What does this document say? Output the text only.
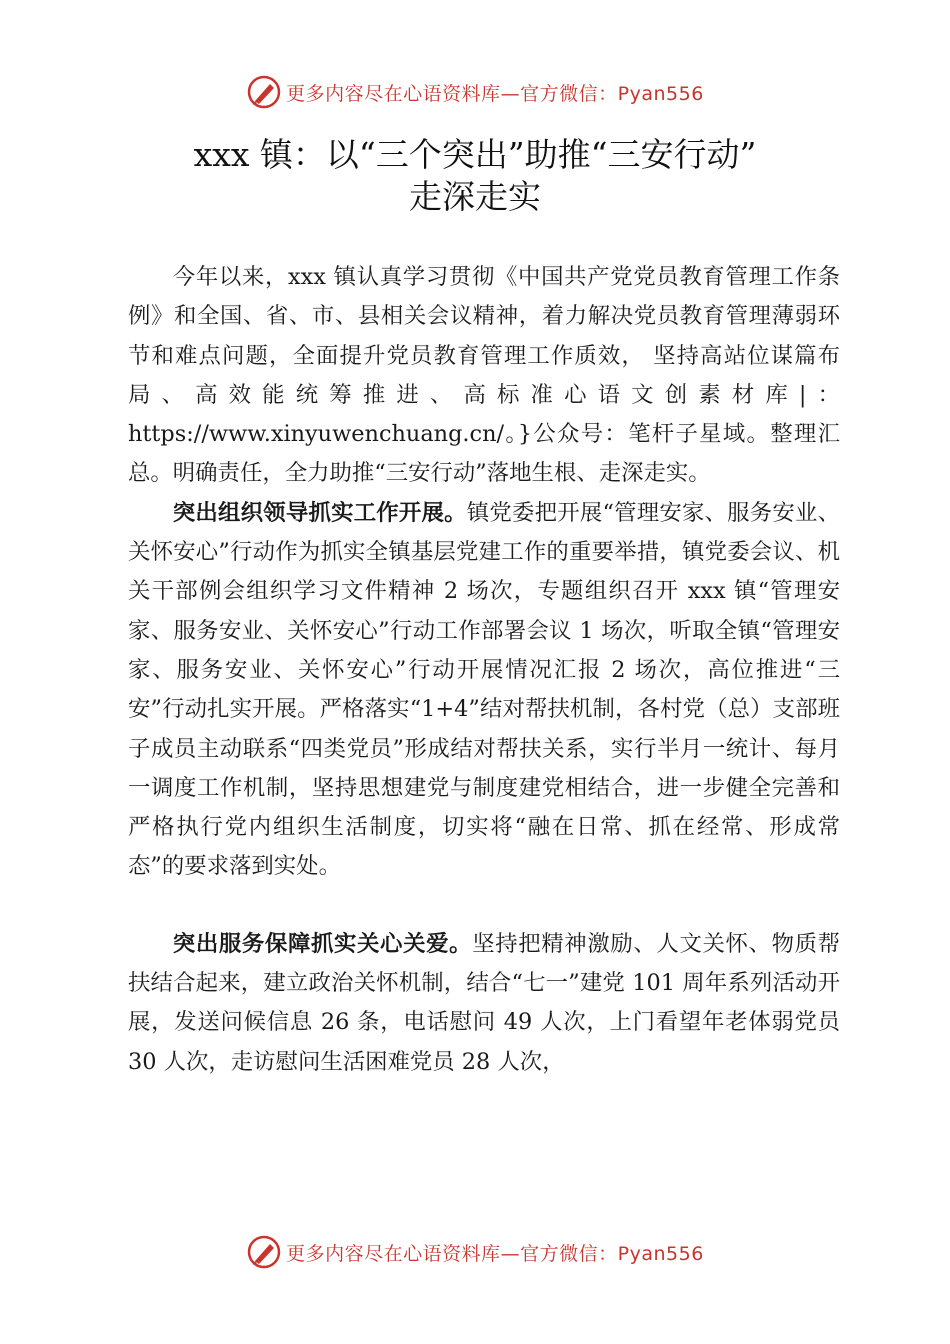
更多内容尽在心语资料库—官方微信：Pyan556
xxx 镇：以“三个突出”助推“三安行动”
走深走实

今年以来，xxx 镇认真学习贯彻《中国共产党党员教育管理工作条例》和全国、省、市、县相关会议精神，着力解决党员教育管理薄弱环节和难点问题，全面提升党员教育管理工作质效， 坚持高站位谋篇布局、高效能统筹推进、高标准心语文创素材库|：https://www.xinyuwenchuang.cn/。}公众号：笔杆子星域。整理汇总。明确责任，全力助推“三安行动”落地生根、走深走实。

突出组织领导抓实工作开展。镇党委把开展“管理安家、服务安业、关怀安心”行动作为抓实全镇基层党建工作的重要举措，镇党委会议、机关干部例会组织学习文件精神 2 场次，专题组织召开 xxx 镇“管理安家、服务安业、关怀安心”行动工作部署会议 1 场次，听取全镇“管理安家、服务安业、关怀安心”行动开展情况汇报 2 场次，高位推进“三安”行动扎实开展。严格落实“1+4”结对帮扶机制，各村党（总）支部班子成员主动联系“四类党员”形成结对帮扶关系，实行半月一统计、每月一调度工作机制，坚持思想建党与制度建党相结合，进一步健全完善和严格执行党内组织生活制度，切实将“融在日常、抓在经常、形成常态”的要求落到实处。

突出服务保障抓实关心关爱。坚持把精神激励、人文关怀、物质帮扶结合起来，建立政治关怀机制，结合“七一”建党 101 周年系列活动开展，发送问候信息 26 条，电话慰问 49 人次，上门看望年老体弱党员 30 人次，走访慰问生活困难党员 28 人次，

更多内容尽在心语资料库—官方微信：Pyan556
